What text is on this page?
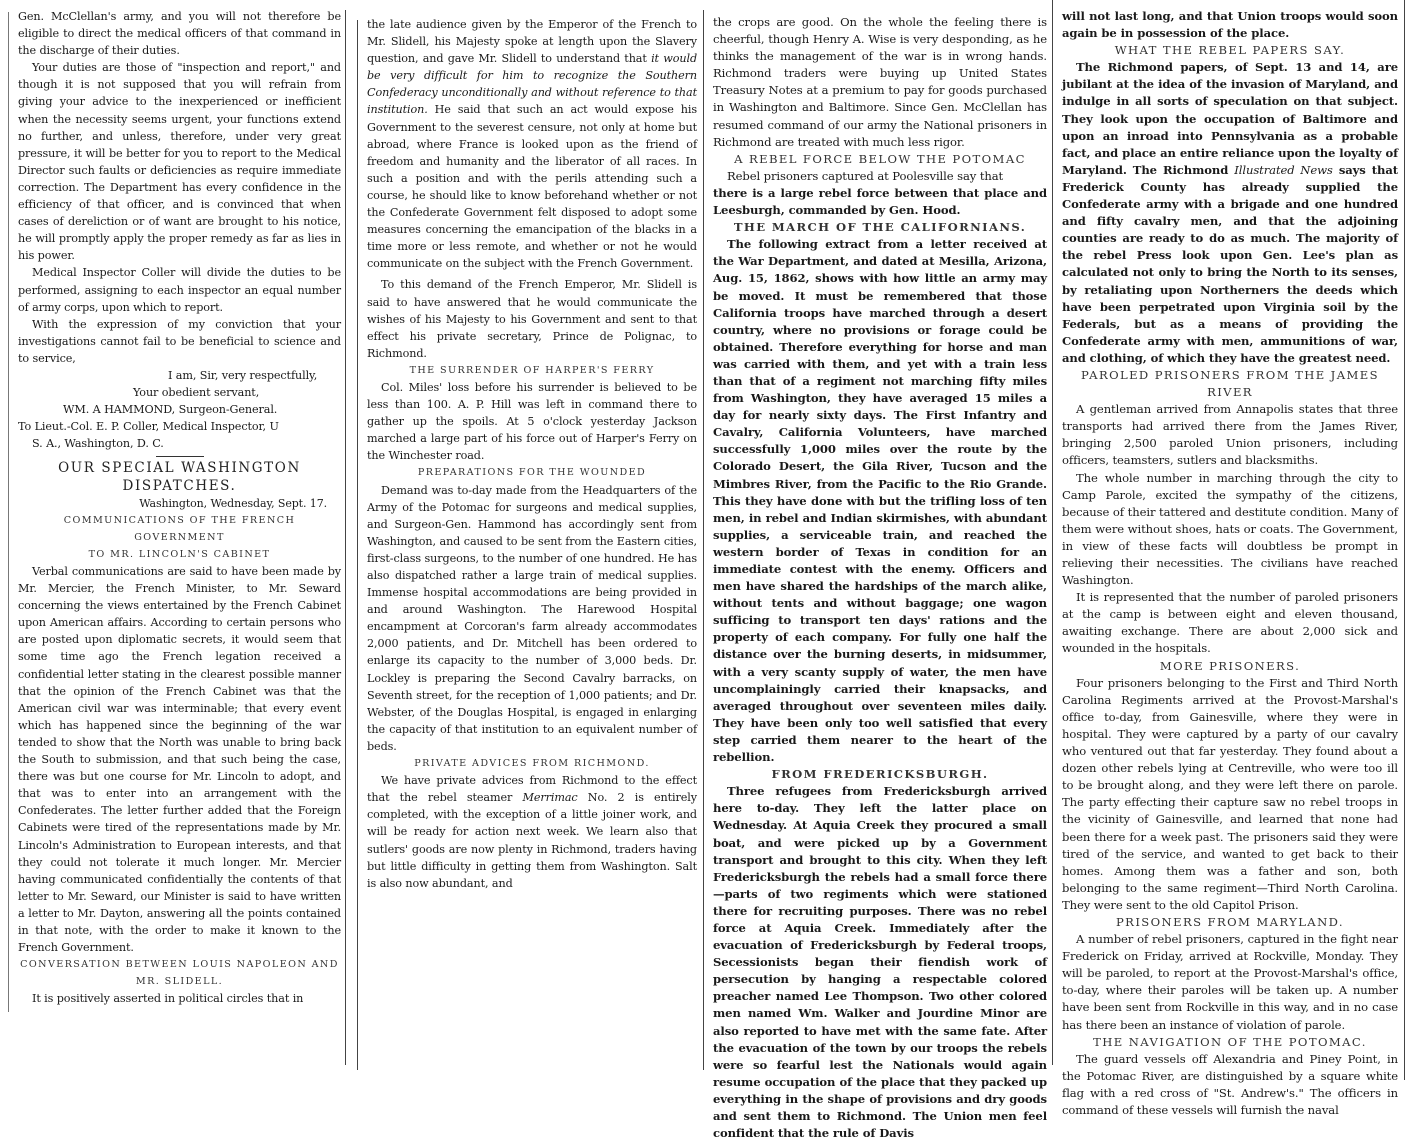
Gen. McClellan's army, and you will not therefore be eligible to direct the medical officers of that command in the discharge of their duties.

Your duties are those of "inspection and report," and though it is not supposed that you will refrain from giving your advice to the inexperienced or inefficient when the necessity seems urgent, your functions extend no further, and unless, therefore, under very great pressure, it will be better for you to report to the Medical Director such faults or deficiencies as require immediate correction. The Department has every confidence in the efficiency of that officer, and is convinced that when cases of dereliction or of want are brought to his notice, he will promptly apply the proper remedy as far as lies in his power.

Medical Inspector Coller will divide the duties to be performed, assigning to each inspector an equal number of army corps, upon which to report.

With the expression of my conviction that your investigations cannot fail to be beneficial to science and to service,

I am, Sir, very respectfully,

Your obedient servant,

WM. A HAMMOND, Surgeon-General.

To Lieut.-Col. E. P. Coller, Medical Inspector, U

S. A., Washington, D. C.

OUR SPECIAL WASHINGTON DISPATCHES.

Washington, Wednesday, Sept. 17.

COMMUNICATIONS OF THE FRENCH GOVERNMENT

TO MR. LINCOLN'S CABINET

Verbal communications are said to have been made by Mr. Mercier, the French Minister, to Mr. Seward concerning the views entertained by the French Cabinet upon American affairs. According to certain persons who are posted upon diplomatic secrets, it would seem that some time ago the French legation received a confidential letter stating in the clearest possible manner that the opinion of the French Cabinet was that the American civil war was interminable; that every event which has happened since the beginning of the war tended to show that the North was unable to bring back the South to submission, and that such being the case, there was but one course for Mr. Lincoln to adopt, and that was to enter into an arrangement with the Confederates. The letter further added that the Foreign Cabinets were tired of the representations made by Mr. Lincoln's Administration to European interests, and that they could not tolerate it much longer. Mr. Mercier having communicated confidentially the contents of that letter to Mr. Seward, our Minister is said to have written a letter to Mr. Dayton, answering all the points contained in that note, with the order to make it known to the French Government.

CONVERSATION BETWEEN LOUIS NAPOLEON AND

MR. SLIDELL.

It is positively asserted in political circles that in

the late audience given by the Emperor of the French to Mr. Slidell, his Majesty spoke at length upon the Slavery question, and gave Mr. Slidell to understand that it would be very difficult for him to recognize the Southern Confederacy unconditionally and without reference to that institution. He said that such an act would expose his Government to the severest censure, not only at home but abroad, where France is looked upon as the friend of freedom and humanity and the liberator of all races. In such a position and with the perils attending such a course, he should like to know beforehand whether or not the Confederate Government felt disposed to adopt some measures concerning the emancipation of the blacks in a time more or less remote, and whether or not he would communicate on the subject with the French Government.

To this demand of the French Emperor, Mr. Slidell is said to have answered that he would communicate the wishes of his Majesty to his Government and sent to that effect his private secretary, Prince de Polignac, to Richmond.

THE SURRENDER OF HARPER'S FERRY

Col. Miles' loss before his surrender is believed to be less than 100. A. P. Hill was left in command there to gather up the spoils. At 5 o'clock yesterday Jackson marched a large part of his force out of Harper's Ferry on the Winchester road.

PREPARATIONS FOR THE WOUNDED

Demand was to-day made from the Headquarters of the Army of the Potomac for surgeons and medical supplies, and Surgeon-Gen. Hammond has accordingly sent from Washington, and caused to be sent from the Eastern cities, first-class surgeons, to the number of one hundred. He has also dispatched rather a large train of medical supplies. Immense hospital accommodations are being provided in and around Washington. The Harewood Hospital encampment at Corcoran's farm already accommodates 2,000 patients, and Dr. Mitchell has been ordered to enlarge its capacity to the number of 3,000 beds. Dr. Lockley is preparing the Second Cavalry barracks, on Seventh street, for the reception of 1,000 patients; and Dr. Webster, of the Douglas Hospital, is engaged in enlarging the capacity of that institution to an equivalent number of beds.

PRIVATE ADVICES FROM RICHMOND.

We have private advices from Richmond to the effect that the rebel steamer Merrimac No. 2 is entirely completed, with the exception of a little joiner work, and will be ready for action next week. We learn also that sutlers' goods are now plenty in Richmond, traders having but little difficulty in getting them from Washington. Salt is also now abundant, and

the crops are good. On the whole the feeling there is cheerful, though Henry A. Wise is very desponding, as he thinks the management of the war is in wrong hands. Richmond traders were buying up United States Treasury Notes at a premium to pay for goods purchased in Washington and Baltimore. Since Gen. McClellan has resumed command of our army the National prisoners in Richmond are treated with much less rigor.

A REBEL FORCE BELOW THE POTOMAC

Rebel prisoners captured at Poolesville say that

there is a large rebel force between that place and Leesburgh, commanded by Gen. Hood.

THE MARCH OF THE CALIFORNIANS.

The following extract from a letter received at the War Department, and dated at Mesilla, Arizona, Aug. 15, 1862, shows with how little an army may be moved. It must be remembered that those California troops have marched through a desert country, where no provisions or forage could be obtained. Therefore everything for horse and man was carried with them, and yet with a train less than that of a regiment not marching fifty miles from Washington, they have averaged 15 miles a day for nearly sixty days. The First Infantry and Cavalry, California Volunteers, have marched successfully 1,000 miles over the route by the Colorado Desert, the Gila River, Tucson and the Mimbres River, from the Pacific to the Rio Grande. This they have done with but the trifling loss of ten men, in rebel and Indian skirmishes, with abundant supplies, a serviceable train, and reached the western border of Texas in condition for an immediate contest with the enemy. Officers and men have shared the hardships of the march alike, without tents and without baggage; one wagon sufficing to transport ten days' rations and the property of each company. For fully one half the distance over the burning deserts, in midsummer, with a very scanty supply of water, the men have uncomplainingly carried their knapsacks, and averaged throughout over seventeen miles daily. They have been only too well satisfied that every step carried them nearer to the heart of the rebellion.

FROM FREDERICKSBURGH.

Three refugees from Fredericksburgh arrived here to-day. They left the latter place on Wednesday. At Aquia Creek they procured a small boat, and were picked up by a Government transport and brought to this city. When they left Fredericksburgh the rebels had a small force there—parts of two regiments which were stationed there for recruiting purposes. There was no rebel force at Aquia Creek. Immediately after the evacuation of Fredericksburgh by Federal troops, Secessionists began their fiendish work of persecution by hanging a respectable colored preacher named Lee Thompson. Two other colored men named Wm. Walker and Jourdine Minor are also reported to have met with the same fate. After the evacuation of the town by our troops the rebels were so fearful lest the Nationals would again resume occupation of the place that they packed up everything in the shape of provisions and dry goods and sent them to Richmond. The Union men feel confident that the rule of Davis

will not last long, and that Union troops would soon again be in possession of the place.

WHAT THE REBEL PAPERS SAY.

The Richmond papers, of Sept. 13 and 14, are jubilant at the idea of the invasion of Maryland, and indulge in all sorts of speculation on that subject. They look upon the occupation of Baltimore and upon an inroad into Pennsylvania as a probable fact, and place an entire reliance upon the loyalty of Maryland. The Richmond Illustrated News says that Frederick County has already supplied the Confederate army with a brigade and one hundred and fifty cavalry men, and that the adjoining counties are ready to do as much. The majority of the rebel Press look upon Gen. Lee's plan as calculated not only to bring the North to its senses, by retaliating upon Northerners the deeds which have been perpetrated upon Virginia soil by the Federals, but as a means of providing the Confederate army with men, ammunitions of war, and clothing, of which they have the greatest need.

PAROLED PRISONERS FROM THE JAMES RIVER

A gentleman arrived from Annapolis states that three transports had arrived there from the James River, bringing 2,500 paroled Union prisoners, including officers, teamsters, sutlers and blacksmiths.

The whole number in marching through the city to Camp Parole, excited the sympathy of the citizens, because of their tattered and destitute condition. Many of them were without shoes, hats or coats. The Government, in view of these facts will doubtless be prompt in relieving their necessities. The civilians have reached Washington.

It is represented that the number of paroled prisoners at the camp is between eight and eleven thousand, awaiting exchange. There are about 2,000 sick and wounded in the hospitals.

MORE PRISONERS.

Four prisoners belonging to the First and Third North Carolina Regiments arrived at the Provost-Marshal's office to-day, from Gainesville, where they were in hospital. They were captured by a party of our cavalry who ventured out that far yesterday. They found about a dozen other rebels lying at Centreville, who were too ill to be brought along, and they were left there on parole. The party effecting their capture saw no rebel troops in the vicinity of Gainesville, and learned that none had been there for a week past. The prisoners said they were tired of the service, and wanted to get back to their homes. Among them was a father and son, both belonging to the same regiment—Third North Carolina. They were sent to the old Capitol Prison.

PRISONERS FROM MARYLAND.

A number of rebel prisoners, captured in the fight near Frederick on Friday, arrived at Rockville, Monday. They will be paroled, to report at the Provost-Marshal's office, to-day, where their paroles will be taken up. A number have been sent from Rockville in this way, and in no case has there been an instance of violation of parole.

THE NAVIGATION OF THE POTOMAC.

The guard vessels off Alexandria and Piney Point, in the Potomac River, are distinguished by a square white flag with a red cross of "St. Andrew's." The officers in command of these vessels will furnish the naval
